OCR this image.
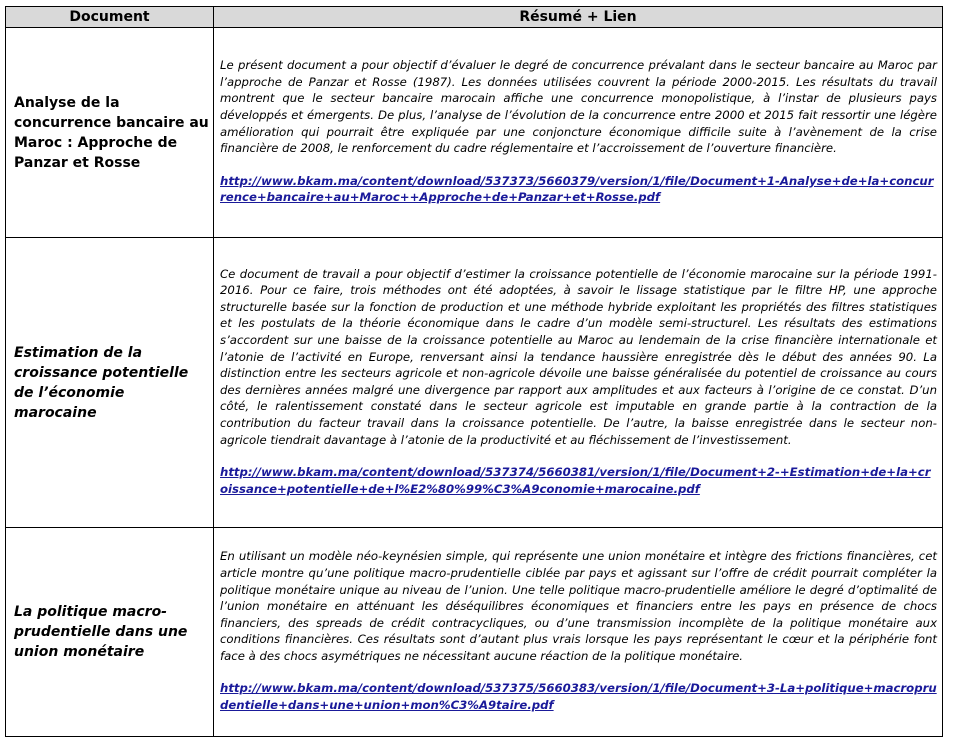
Document	Résumé + Lien
Analyse de la concurrence bancaire au Maroc : Approche de Panzar et Rosse	Le présent document a pour objectif d’évaluer le degré de concurrence prévalant dans le secteur bancaire au Maroc par l’approche de Panzar et Rosse (1987). Les données utilisées couvrent la période 2000-2015. Les résultats du travail montrent que le secteur bancaire marocain affiche une concurrence monopolistique, à l’instar de plusieurs pays développés et émergents. De plus, l’analyse de l’évolution de la concurrence entre 2000 et 2015 fait ressortir une légère amélioration qui pourrait être expliquée par une conjoncture économique difficile suite à l’avènement de la crise financière de 2008, le renforcement du cadre réglementaire et l’accroissement de l’ouverture financière.

http://www.bkam.ma/content/download/537373/5660379/version/1/file/Document+1-Analyse+de+la+concurrence+bancaire+au+Maroc++Approche+de+Panzar+et+Rosse.pdf

Estimation de la croissance potentielle de l’économie marocaine	Ce document de travail a pour objectif d’estimer la croissance potentielle de l’économie marocaine sur la période 1991-2016. Pour ce faire, trois méthodes ont été adoptées, à savoir le lissage statistique par le filtre HP, une approche structurelle basée sur la fonction de production et une méthode hybride exploitant les propriétés des filtres statistiques et les postulats de la théorie économique dans le cadre d’un modèle semi-structurel. Les résultats des estimations s’accordent sur une baisse de la croissance potentielle au Maroc au lendemain de la crise financière internationale et l’atonie de l’activité en Europe, renversant ainsi la tendance haussière enregistrée dès le début des années 90. La distinction entre les secteurs agricole et non-agricole dévoile une baisse généralisée du potentiel de croissance au cours des dernières années malgré une divergence par rapport aux amplitudes et aux facteurs à l’origine de ce constat. D’un côté, le ralentissement constaté dans le secteur agricole est imputable en grande partie à la contraction de la contribution du facteur travail dans la croissance potentielle. De l’autre, la baisse enregistrée dans le secteur non-agricole tiendrait davantage à l’atonie de la productivité et au fléchissement de l’investissement.

http://www.bkam.ma/content/download/537374/5660381/version/1/file/Document+2-+Estimation+de+la+croissance+potentielle+de+l%E2%80%99%C3%A9conomie+marocaine.pdf

La politique macro-prudentielle dans une union monétaire	En utilisant un modèle néo-keynésien simple, qui représente une union monétaire et intègre des frictions financières, cet article montre qu’une politique macro-prudentielle ciblée par pays et agissant sur l’offre de crédit pourrait compléter la politique monétaire unique au niveau de l’union. Une telle politique macro-prudentielle améliore le degré d’optimalité de l’union monétaire en atténuant les déséquilibres économiques et financiers entre les pays en présence de chocs financiers, des spreads de crédit contracycliques, ou d’une transmission incomplète de la politique monétaire aux conditions financières. Ces résultats sont d’autant plus vrais lorsque les pays représentant le cœur et la périphérie font face à des chocs asymétriques ne nécessitant aucune réaction de la politique monétaire.

http://www.bkam.ma/content/download/537375/5660383/version/1/file/Document+3-La+politique+macroprudentielle+dans+une+union+mon%C3%A9taire.pdf
